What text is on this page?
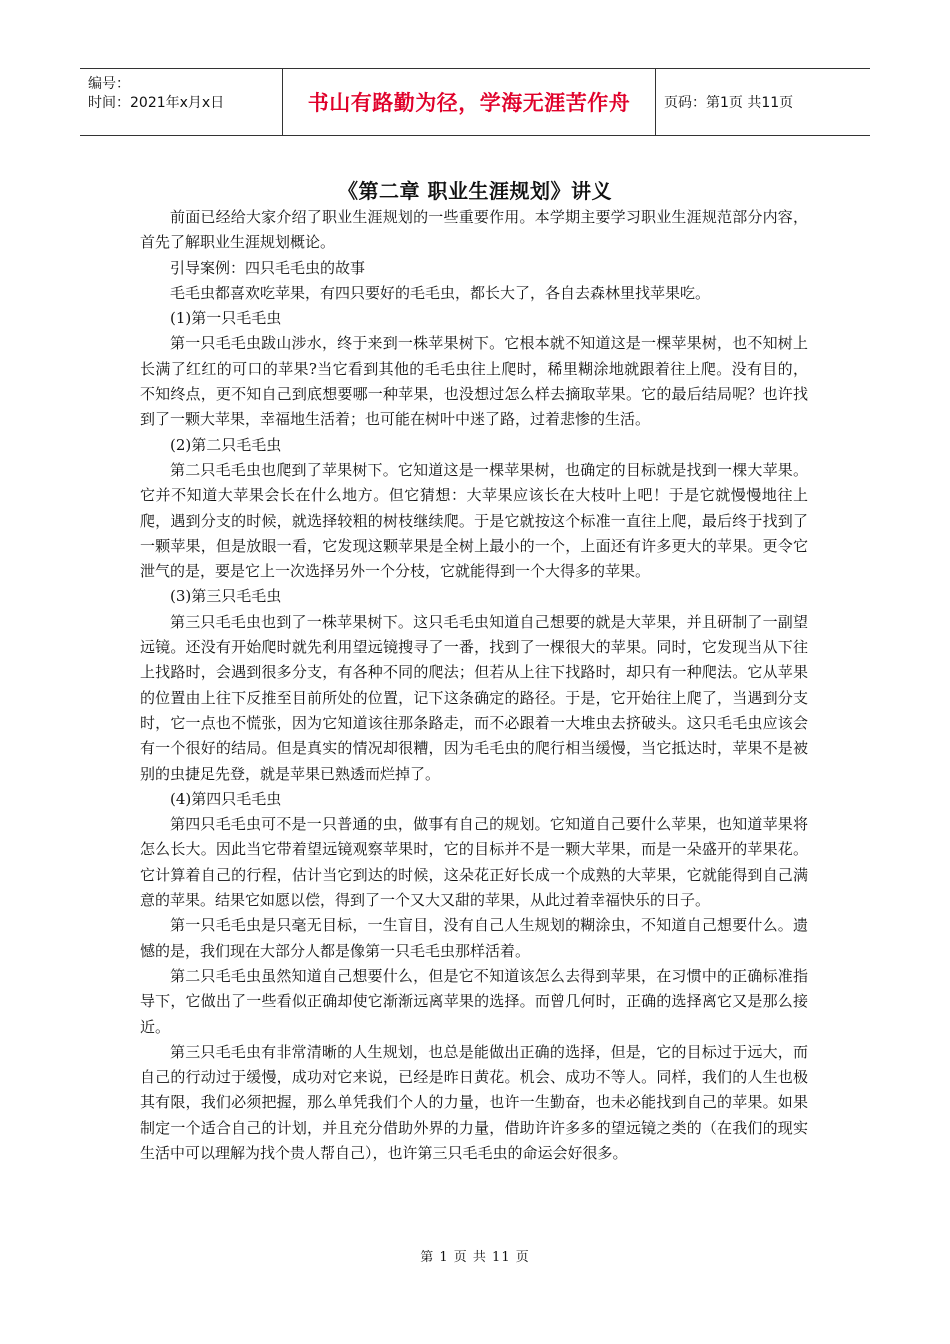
编号：
时间：2021年x月x日	书山有路勤为径，学海无涯苦作舟 页码：第1页 共11页
《第二章 职业生涯规划》讲义

前面已经给大家介绍了职业生涯规划的一些重要作用。本学期主要学习职业生涯规范部分内容，首先了解职业生涯规划概论。

引导案例：四只毛毛虫的故事

毛毛虫都喜欢吃苹果，有四只要好的毛毛虫，都长大了，各自去森林里找苹果吃。

(1)第一只毛毛虫

第一只毛毛虫跋山涉水，终于来到一株苹果树下。它根本就不知道这是一棵苹果树，也不知树上长满了红红的可口的苹果?当它看到其他的毛毛虫往上爬时，稀里糊涂地就跟着往上爬。没有目的，不知终点，更不知自己到底想要哪一种苹果，也没想过怎么样去摘取苹果。它的最后结局呢？也许找到了一颗大苹果，幸福地生活着；也可能在树叶中迷了路，过着悲惨的生活。

(2)第二只毛毛虫

第二只毛毛虫也爬到了苹果树下。它知道这是一棵苹果树，也确定的目标就是找到一棵大苹果。它并不知道大苹果会长在什么地方。但它猜想：大苹果应该长在大枝叶上吧！于是它就慢慢地往上爬，遇到分支的时候，就选择较粗的树枝继续爬。于是它就按这个标准一直往上爬，最后终于找到了一颗苹果，但是放眼一看，它发现这颗苹果是全树上最小的一个，上面还有许多更大的苹果。更令它泄气的是，要是它上一次选择另外一个分枝，它就能得到一个大得多的苹果。

(3)第三只毛毛虫

第三只毛毛虫也到了一株苹果树下。这只毛毛虫知道自己想要的就是大苹果，并且研制了一副望远镜。还没有开始爬时就先利用望远镜搜寻了一番，找到了一棵很大的苹果。同时，它发现当从下往上找路时，会遇到很多分支，有各种不同的爬法；但若从上往下找路时，却只有一种爬法。它从苹果的位置由上往下反推至目前所处的位置，记下这条确定的路径。于是，它开始往上爬了，当遇到分支时，它一点也不慌张，因为它知道该往那条路走，而不必跟着一大堆虫去挤破头。这只毛毛虫应该会有一个很好的结局。但是真实的情况却很糟，因为毛毛虫的爬行相当缓慢，当它抵达时，苹果不是被别的虫捷足先登，就是苹果已熟透而烂掉了。

(4)第四只毛毛虫

第四只毛毛虫可不是一只普通的虫，做事有自己的规划。它知道自己要什么苹果，也知道苹果将怎么长大。因此当它带着望远镜观察苹果时，它的目标并不是一颗大苹果，而是一朵盛开的苹果花。它计算着自己的行程，估计当它到达的时候，这朵花正好长成一个成熟的大苹果，它就能得到自己满意的苹果。结果它如愿以偿，得到了一个又大又甜的苹果，从此过着幸福快乐的日子。

第一只毛毛虫是只毫无目标，一生盲目，没有自己人生规划的糊涂虫，不知道自己想要什么。遗憾的是，我们现在大部分人都是像第一只毛毛虫那样活着。

第二只毛毛虫虽然知道自己想要什么，但是它不知道该怎么去得到苹果，在习惯中的正确标准指导下，它做出了一些看似正确却使它渐渐远离苹果的选择。而曾几何时，正确的选择离它又是那么接近。

第三只毛毛虫有非常清晰的人生规划，也总是能做出正确的选择，但是，它的目标过于远大，而自己的行动过于缓慢，成功对它来说，已经是昨日黄花。机会、成功不等人。同样，我们的人生也极其有限，我们必须把握，那么单凭我们个人的力量，也许一生勤奋，也未必能找到自己的苹果。如果制定一个适合自己的计划，并且充分借助外界的力量，借助许许多多的望远镜之类的（在我们的现实生活中可以理解为找个贵人帮自己），也许第三只毛毛虫的命运会好很多。

第 1 页 共 11 页
